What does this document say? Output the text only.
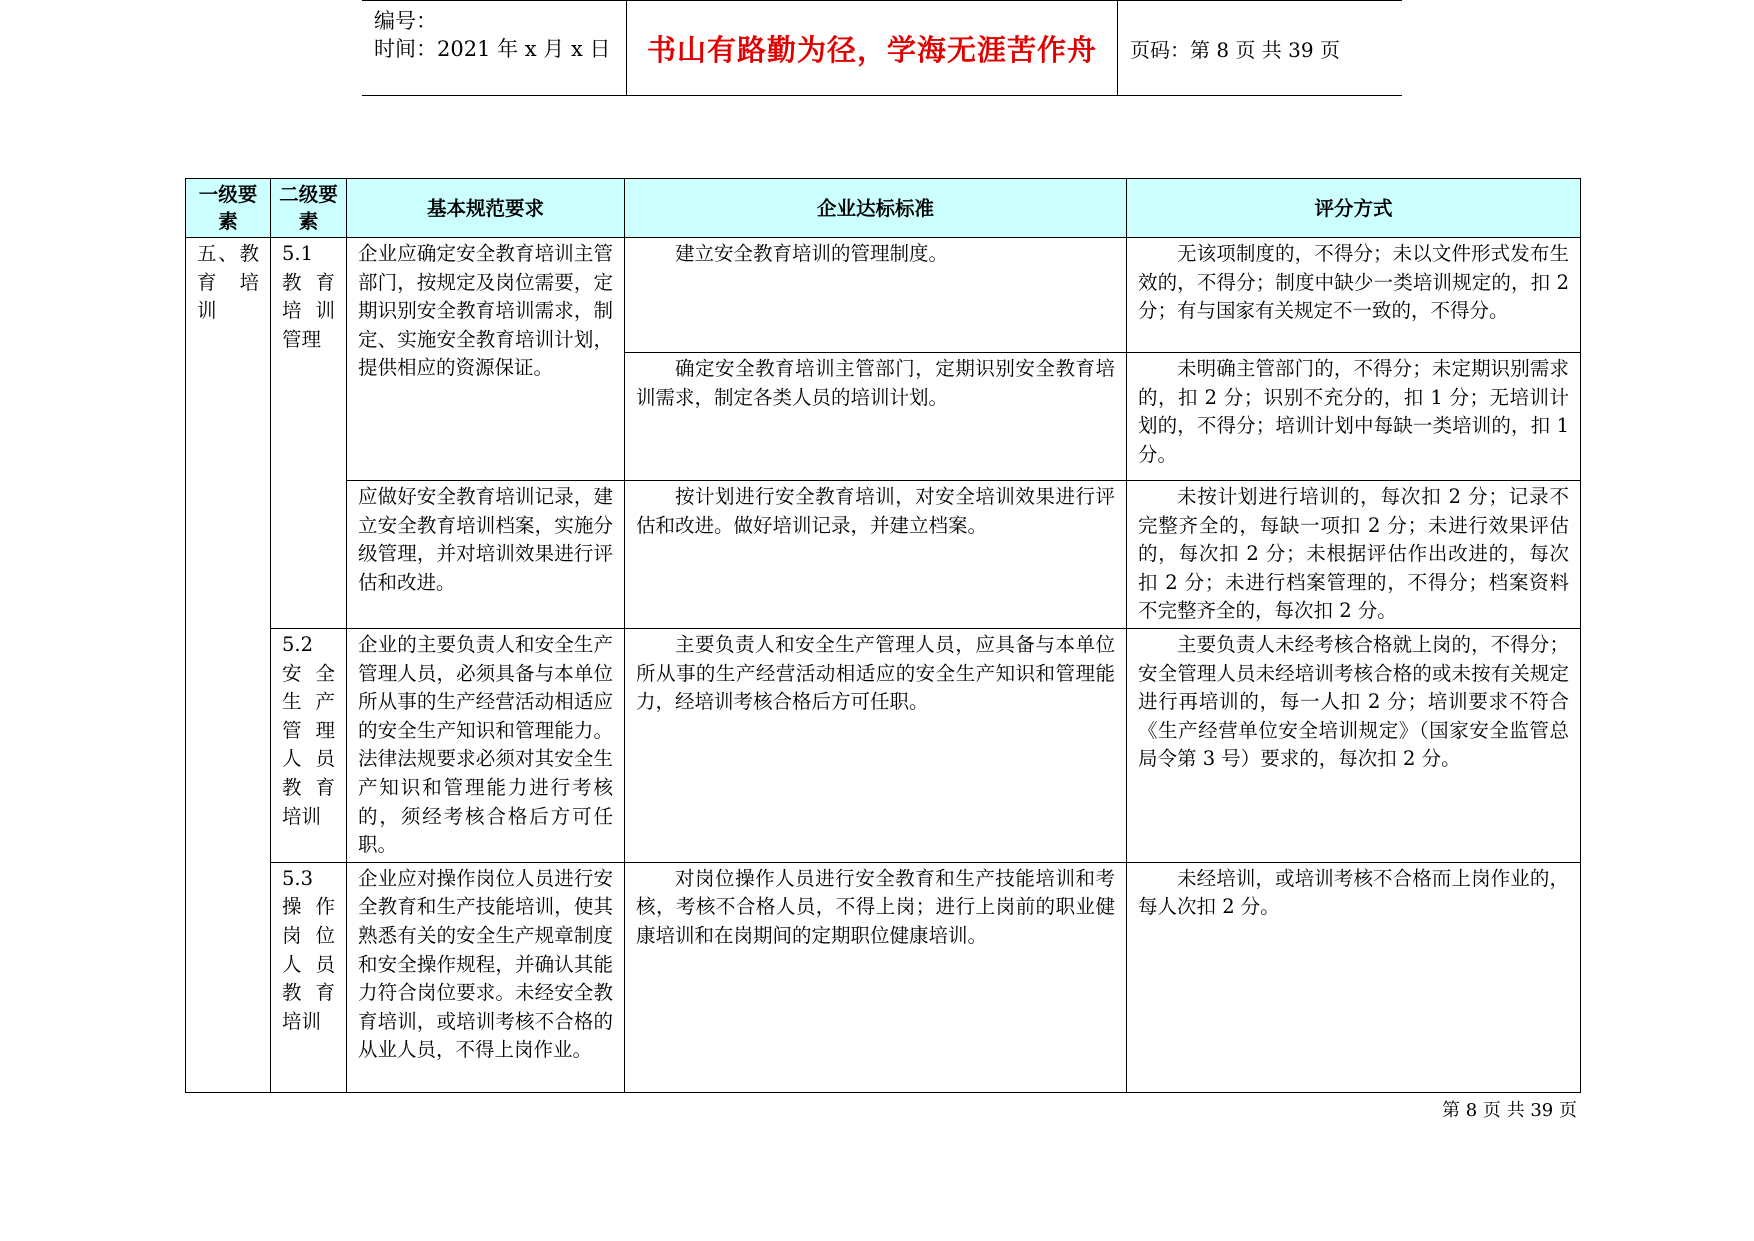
编号：
时间：2021 年 x 月 x 日 书山有路勤为径，学海无涯苦作舟	页码：第 8 页 共 39 页
一级要素	二级要素	基本规范要求	企业达标标准	评分方式
五、教育 培训	5.1 教育培训管理	企业应确定安全教育培训主管部门，按规定及岗位需要，定期识别安全教育培训需求，制定、实施安全教育培训计划，提供相应的资源保证。	建立安全教育培训的管理制度。	无该项制度的，不得分；未以文件形式发布生效的，不得分；制度中缺少一类培训规定的，扣 2 分；有与国家有关规定不一致的，不得分。
			确定安全教育培训主管部门，定期识别安全教育培训需求，制定各类人员的培训计划。	未明确主管部门的，不得分；未定期识别需求的，扣 2 分；识别不充分的，扣 1 分；无培训计划的，不得分；培训计划中每缺一类培训的，扣 1 分。
		应做好安全教育培训记录，建立安全教育培训档案，实施分级管理，并对培训效果进行评估和改进。	按计划进行安全教育培训，对安全培训效果进行评估和改进。做好培训记录，并建立档案。	未按计划进行培训的，每次扣 2 分；记录不完整齐全的，每缺一项扣 2 分；未进行效果评估的，每次扣 2 分；未根据评估作出改进的，每次扣 2 分；未进行档案管理的，不得分；档案资料不完整齐全的，每次扣 2 分。
	5.2 安全生产管理人员教育培训	企业的主要负责人和安全生产管理人员，必须具备与本单位所从事的生产经营活动相适应的安全生产知识和管理能力。法律法规要求必须对其安全生产知识和管理能力进行考核的，须经考核合格后方可任职。	主要负责人和安全生产管理人员，应具备与本单位所从事的生产经营活动相适应的安全生产知识和管理能力，经培训考核合格后方可任职。	主要负责人未经考核合格就上岗的，不得分；安全管理人员未经培训考核合格的或未按有关规定进行再培训的，每一人扣 2 分；培训要求不符合《生产经营单位安全培训规定》（国家安全监管总局令第 3 号）要求的，每次扣 2 分。
	5.3 操作岗位人员教育培训	企业应对操作岗位人员进行安全教育和生产技能培训，使其熟悉有关的安全生产规章制度和安全操作规程，并确认其能力符合岗位要求。未经安全教育培训，或培训考核不合格的从业人员，不得上岗作业。	对岗位操作人员进行安全教育和生产技能培训和考核，考核不合格人员，不得上岗；进行上岗前的职业健康培训和在岗期间的定期职位健康培训。	未经培训，或培训考核不合格而上岗作业的，每人次扣 2 分。
第 8 页 共 39 页
